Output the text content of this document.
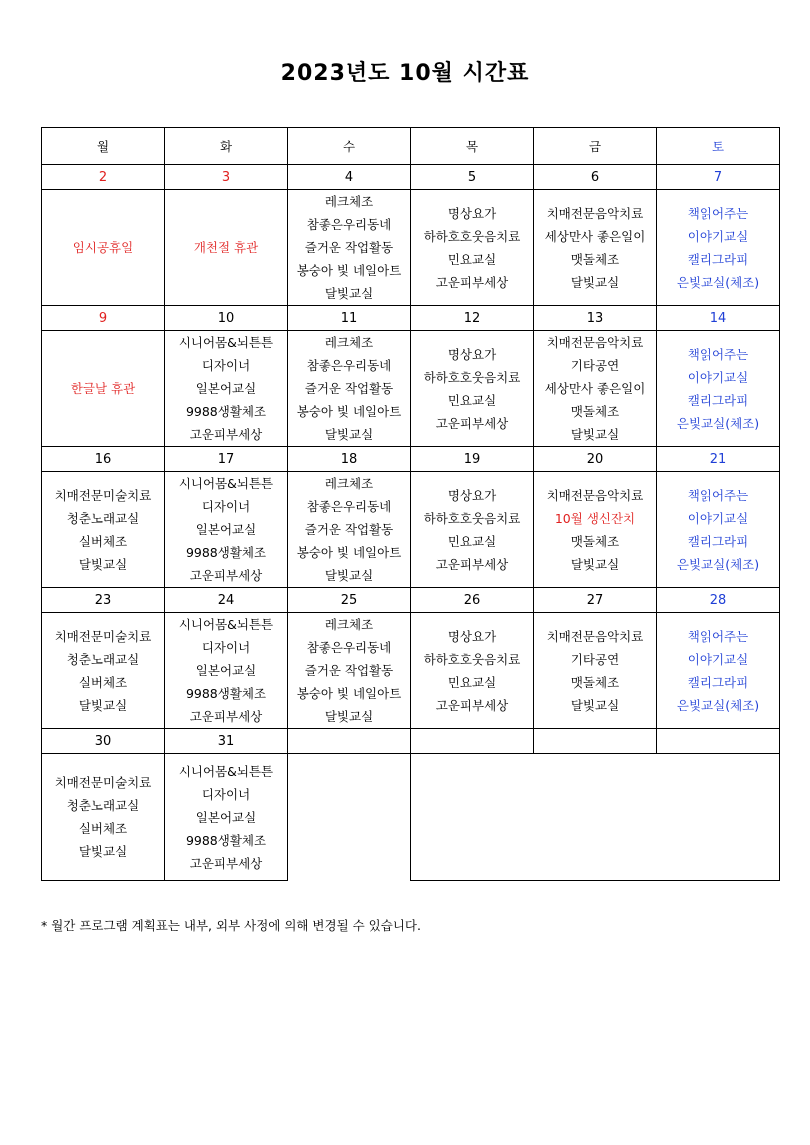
2023년도 10월 시간표
월	화	수	목	금	토
2	3	4	5	6	7

임시공휴일	개천절 휴관	레크체조
참좋은우리동네
즐거운 작업활동
봉숭아 빛 네일아트
달빛교실	명상요가
하하호호웃음치료
민요교실
고운피부세상	치매전문음악치료
세상만사 좋은일이
맷돌체조
달빛교실	책읽어주는
이야기교실
캘리그라피
은빛교실(체조)

9	10	11	12	13	14

한글날 휴관	시니어몸&뇌튼튼
디자이너
일본어교실
9988생활체조
고운피부세상	레크체조
참좋은우리동네
즐거운 작업활동
봉숭아 빛 네일아트
달빛교실	명상요가
하하호호웃음치료
민요교실
고운피부세상	치매전문음악치료
기타공연
세상만사 좋은일이
맷돌체조
달빛교실	책읽어주는
이야기교실
캘리그라피
은빛교실(체조)

16	17	18	19	20	21

치매전문미술치료
청춘노래교실
실버체조
달빛교실	시니어몸&뇌튼튼
디자이너
일본어교실
9988생활체조
고운피부세상	레크체조
참좋은우리동네
즐거운 작업활동
봉숭아 빛 네일아트
달빛교실	명상요가
하하호호웃음치료
민요교실
고운피부세상	치매전문음악치료
10월 생신잔치
맷돌체조
달빛교실	책읽어주는
이야기교실
캘리그라피
은빛교실(체조)

23	24	25	26	27	28

치매전문미술치료
청춘노래교실
실버체조
달빛교실	시니어몸&뇌튼튼
디자이너
일본어교실
9988생활체조
고운피부세상	레크체조
참좋은우리동네
즐거운 작업활동
봉숭아 빛 네일아트
달빛교실	명상요가
하하호호웃음치료
민요교실
고운피부세상	치매전문음악치료
기타공연
맷돌체조
달빛교실	책읽어주는
이야기교실
캘리그라피
은빛교실(체조)

30	31				

치매전문미술치료
청춘노래교실
실버체조
달빛교실	시니어몸&뇌튼튼
디자이너
일본어교실
9988생활체조
고운피부세상				

* 월간 프로그램 계획표는 내부, 외부 사정에 의해 변경될 수 있습니다.
